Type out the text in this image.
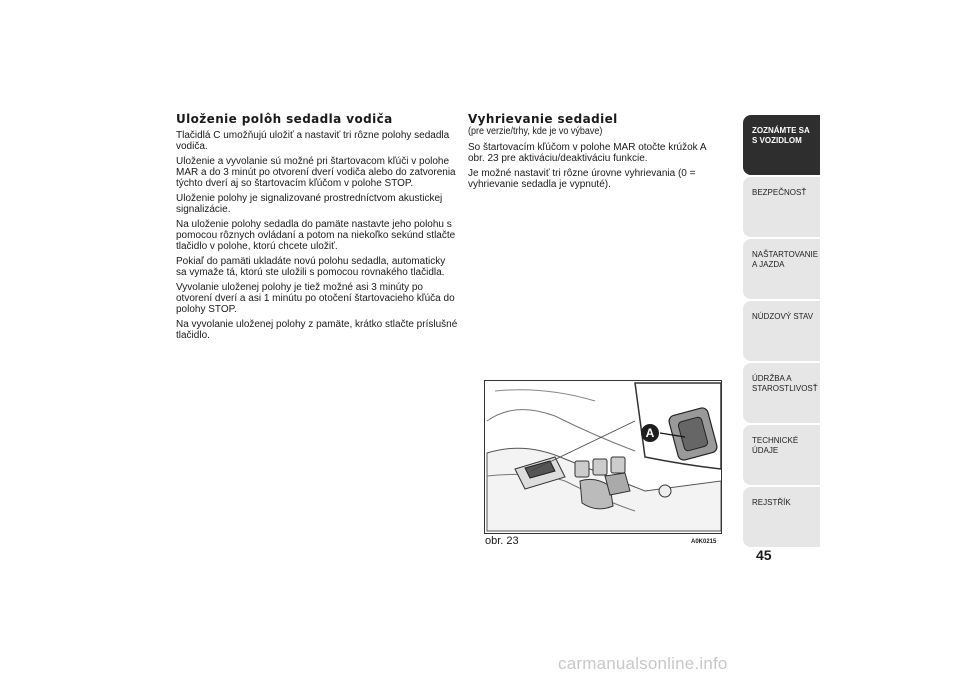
Uloženie polôh sedadla vodiča

Tlačidlá C umožňujú uložiť a nastaviť tri rôzne polohy sedadla vodiča.

Uloženie a vyvolanie sú možné pri štartovacom kľúči v polohe MAR a do 3 minút po otvorení dverí vodiča alebo do zatvorenia týchto dverí aj so štartovacím kľúčom v polohe STOP.

Uloženie polohy je signalizované prostredníctvom akustickej signalizácie.

Na uloženie polohy sedadla do pamäte nastavte jeho polohu s pomocou rôznych ovládaní a potom na niekoľko sekúnd stlačte tlačidlo v polohe, ktorú chcete uložiť.

Pokiaľ do pamäti ukladáte novú polohu sedadla, automaticky sa vymaže tá, ktorú ste uložili s pomocou rovnakého tlačidla.

Vyvolanie uloženej polohy je tiež možné asi 3 minúty po otvorení dverí a asi 1 minútu po otočení štartovacieho kľúča do polohy STOP.

Na vyvolanie uloženej polohy z pamäte, krátko stlačte príslušné tlačidlo.

Vyhrievanie sedadiel
(pre verzie/trhy, kde je vo výbave)

So štartovacím kľúčom v polohe MAR otočte krúžok A obr. 23 pre aktiváciu/deaktiváciu funkcie.

Je možné nastaviť tri rôzne úrovne vyhrievania (0 = vyhrievanie sedadla je vypnuté).

A
obr. 23	A0K0215
ZOZNÁMTE SA S VOZIDLOM
BEZPEČNOSŤ
NAŠTARTOVANIE A JAZDA
NÚDZOVÝ STAV
ÚDRŽBA A STAROSTLIVOSŤ
TECHNICKÉ ÚDAJE
REJSTŘÍK
45
carmanualsonline.info
